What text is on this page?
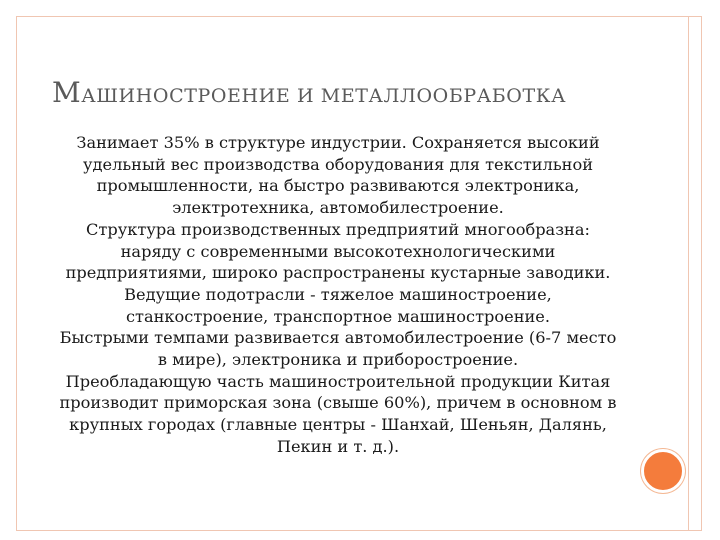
МАШИНОСТРОЕНИЕ И МЕТАЛЛООБРАБОТКА

Занимает 35% в структуре индустрии. Сохраняется высокий удельный вес производства оборудования для текстильной промышленности, на быстро развиваются электроника, электротехника, автомобилестроение.

Структура производственных предприятий многообразна: наряду с современными высокотехнологическими предприятиями, широко распространены кустарные заводики.

Ведущие подотрасли - тяжелое машиностроение, станкостроение, транспортное машиностроение.

Быстрыми темпами развивается автомобилестроение (6-7 место в мире), электроника и приборостроение.

Преобладающую часть машиностроительной продукции Китая производит приморская зона (свыше 60%), причем в основном в крупных городах (главные центры - Шанхай, Шеньян, Далянь, Пекин и т. д.).
